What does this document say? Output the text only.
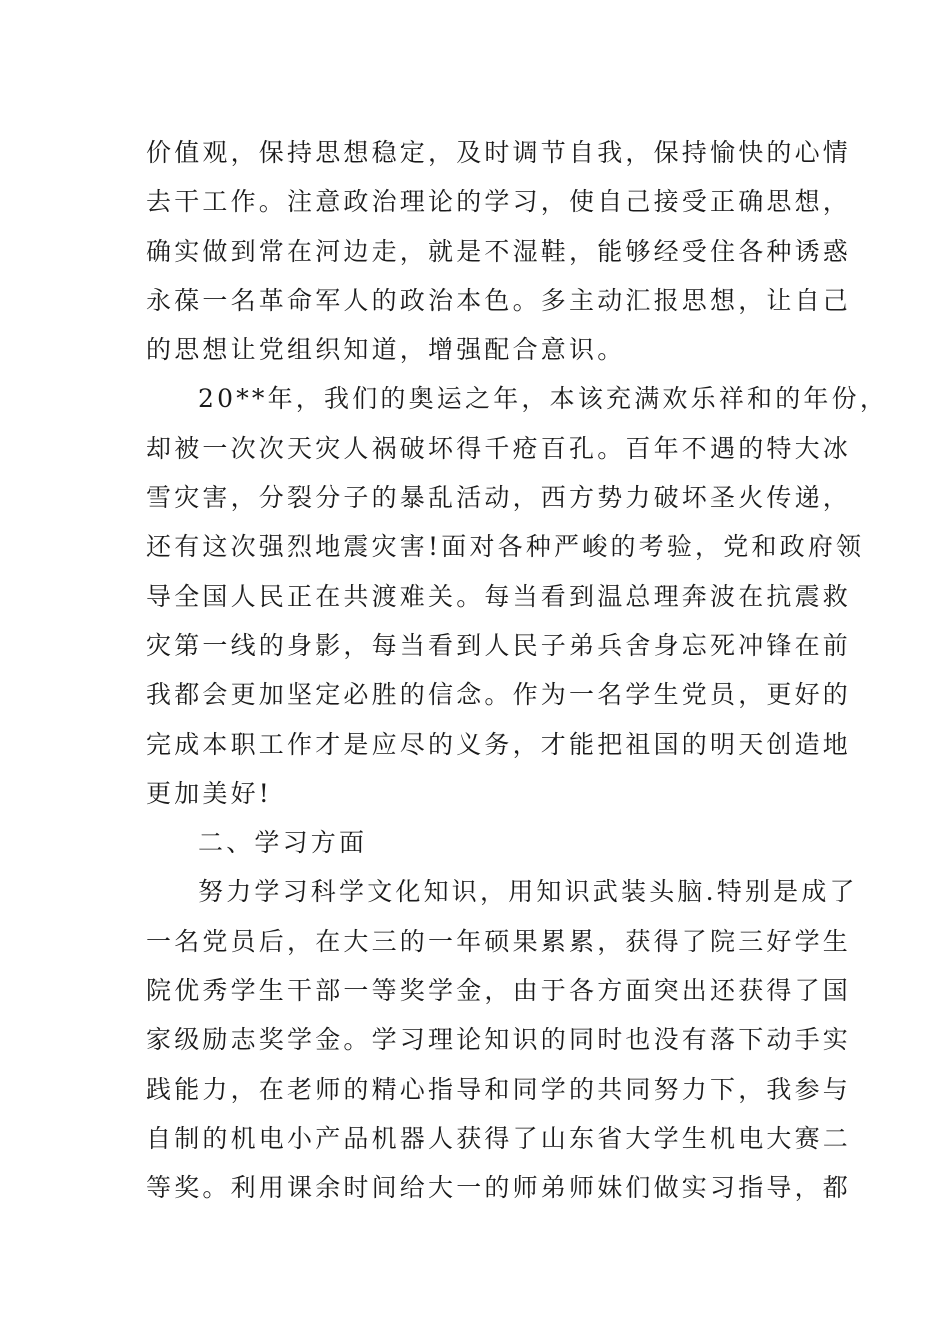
价值观，保持思想稳定，及时调节自我，保持愉快的心情
去干工作。注意政治理论的学习，使自己接受正确思想，
确实做到常在河边走，就是不湿鞋，能够经受住各种诱惑
永葆一名革命军人的政治本色。多主动汇报思想，让自己
的思想让党组织知道，增强配合意识。
20**年，我们的奥运之年，本该充满欢乐祥和的年份，
却被一次次天灾人祸破坏得千疮百孔。百年不遇的特大冰
雪灾害，分裂分子的暴乱活动，西方势力破坏圣火传递，
还有这次强烈地震灾害!面对各种严峻的考验，党和政府领
导全国人民正在共渡难关。每当看到温总理奔波在抗震救
灾第一线的身影，每当看到人民子弟兵舍身忘死冲锋在前
我都会更加坚定必胜的信念。作为一名学生党员，更好的
完成本职工作才是应尽的义务，才能把祖国的明天创造地
更加美好!
二、学习方面
努力学习科学文化知识，用知识武装头脑.特别是成了
一名党员后，在大三的一年硕果累累，获得了院三好学生
院优秀学生干部一等奖学金，由于各方面突出还获得了国
家级励志奖学金。学习理论知识的同时也没有落下动手实
践能力，在老师的精心指导和同学的共同努力下，我参与
自制的机电小产品机器人获得了山东省大学生机电大赛二
等奖。利用课余时间给大一的师弟师妹们做实习指导，都
